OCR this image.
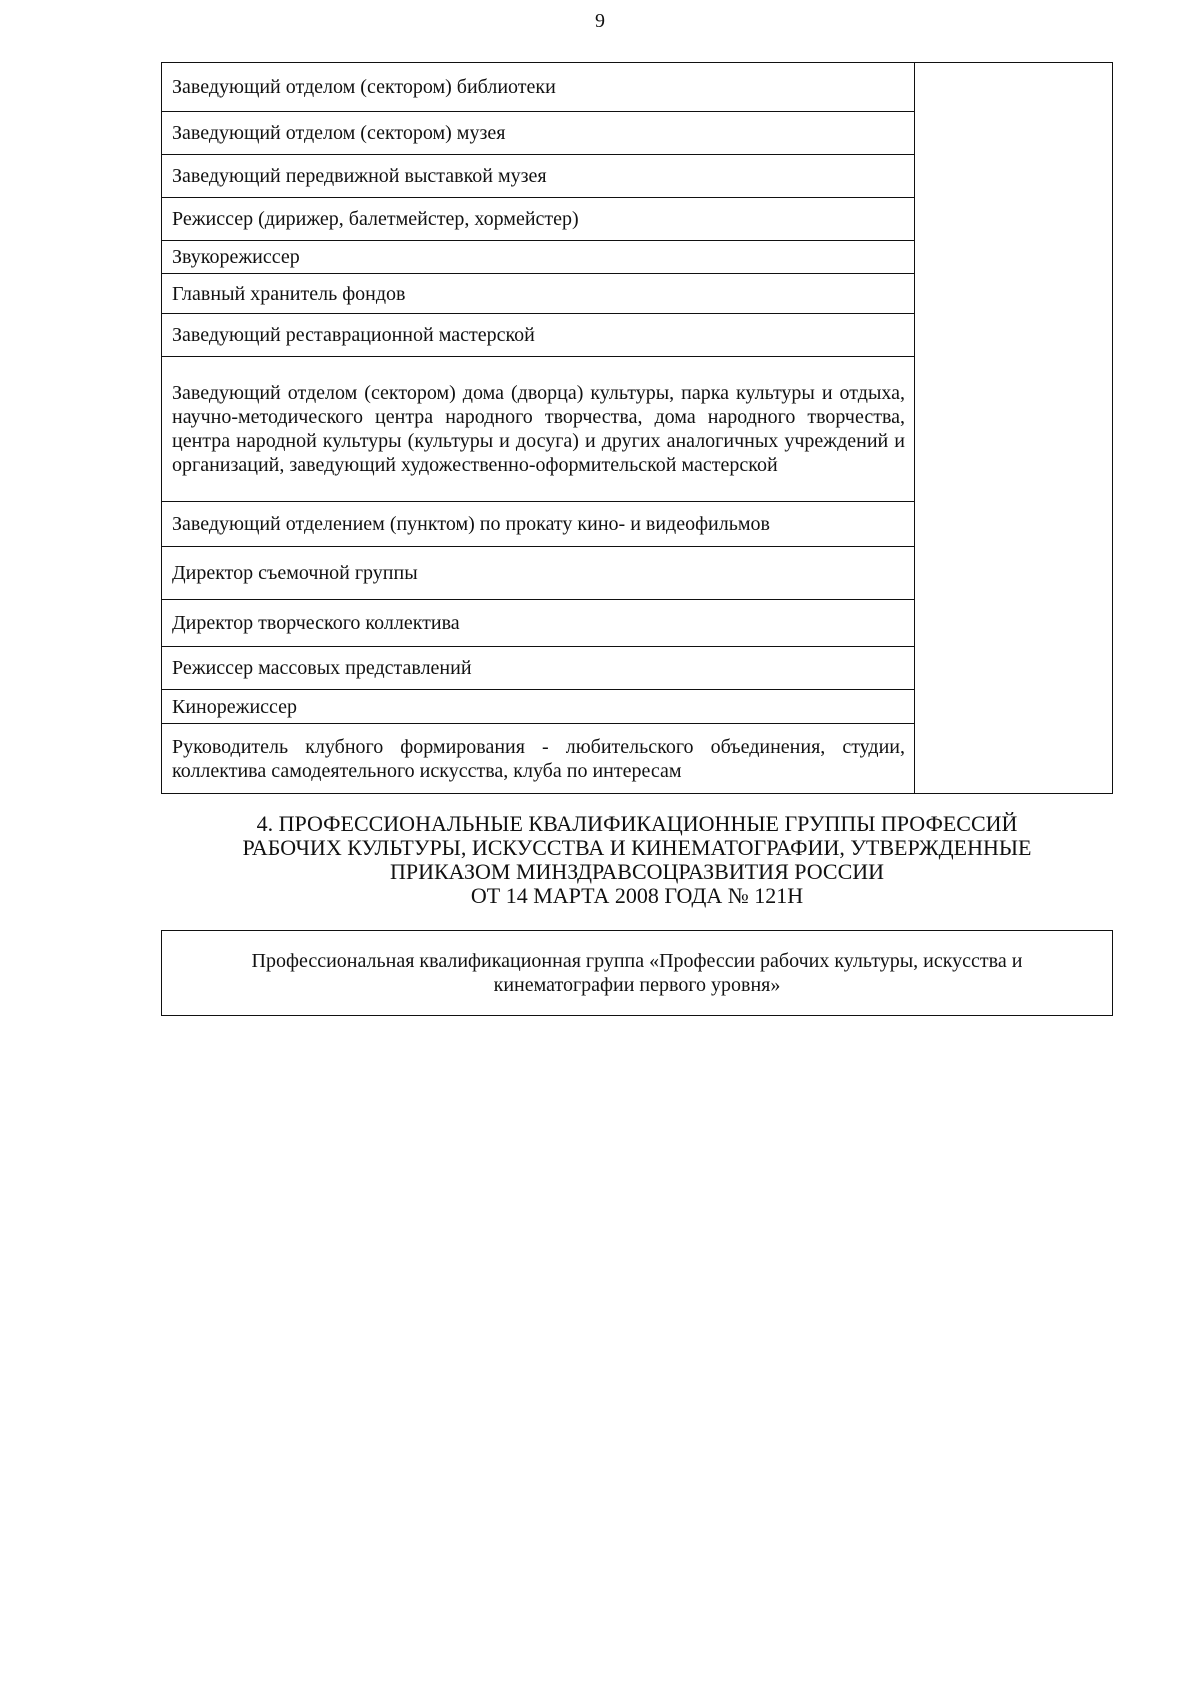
9
Заведующий отделом (сектором) библиотеки	
Заведующий отделом (сектором) музея
Заведующий передвижной выставкой музея
Режиссер (дирижер, балетмейстер, хормейстер)
Звукорежиссер
Главный хранитель фондов
Заведующий реставрационной мастерской
Заведующий отделом (сектором) дома (дворца) культуры, парка культуры и отдыха, научно-методического центра народного творчества, дома народного творчества, центра народной культуры (культуры и досуга) и других аналогичных учреждений и организаций, заведующий художественно-оформительской мастерской
Заведующий отделением (пунктом) по прокату кино- и видеофильмов
Директор съемочной группы
Директор творческого коллектива
Режиссер массовых представлений
Кинорежиссер
Руководитель клубного формирования - любительского объединения, студии, коллектива самодеятельного искусства, клуба по интересам
4. ПРОФЕССИОНАЛЬНЫЕ КВАЛИФИКАЦИОННЫЕ ГРУППЫ ПРОФЕССИЙ
РАБОЧИХ КУЛЬТУРЫ, ИСКУССТВА И КИНЕМАТОГРАФИИ, УТВЕРЖДЕННЫЕ
ПРИКАЗОМ МИНЗДРАВСОЦРАЗВИТИЯ РОССИИ
ОТ 14 МАРТА 2008 ГОДА № 121Н
Профессиональная квалификационная группа «Профессии рабочих культуры, искусства и кинематографии первого уровня»
